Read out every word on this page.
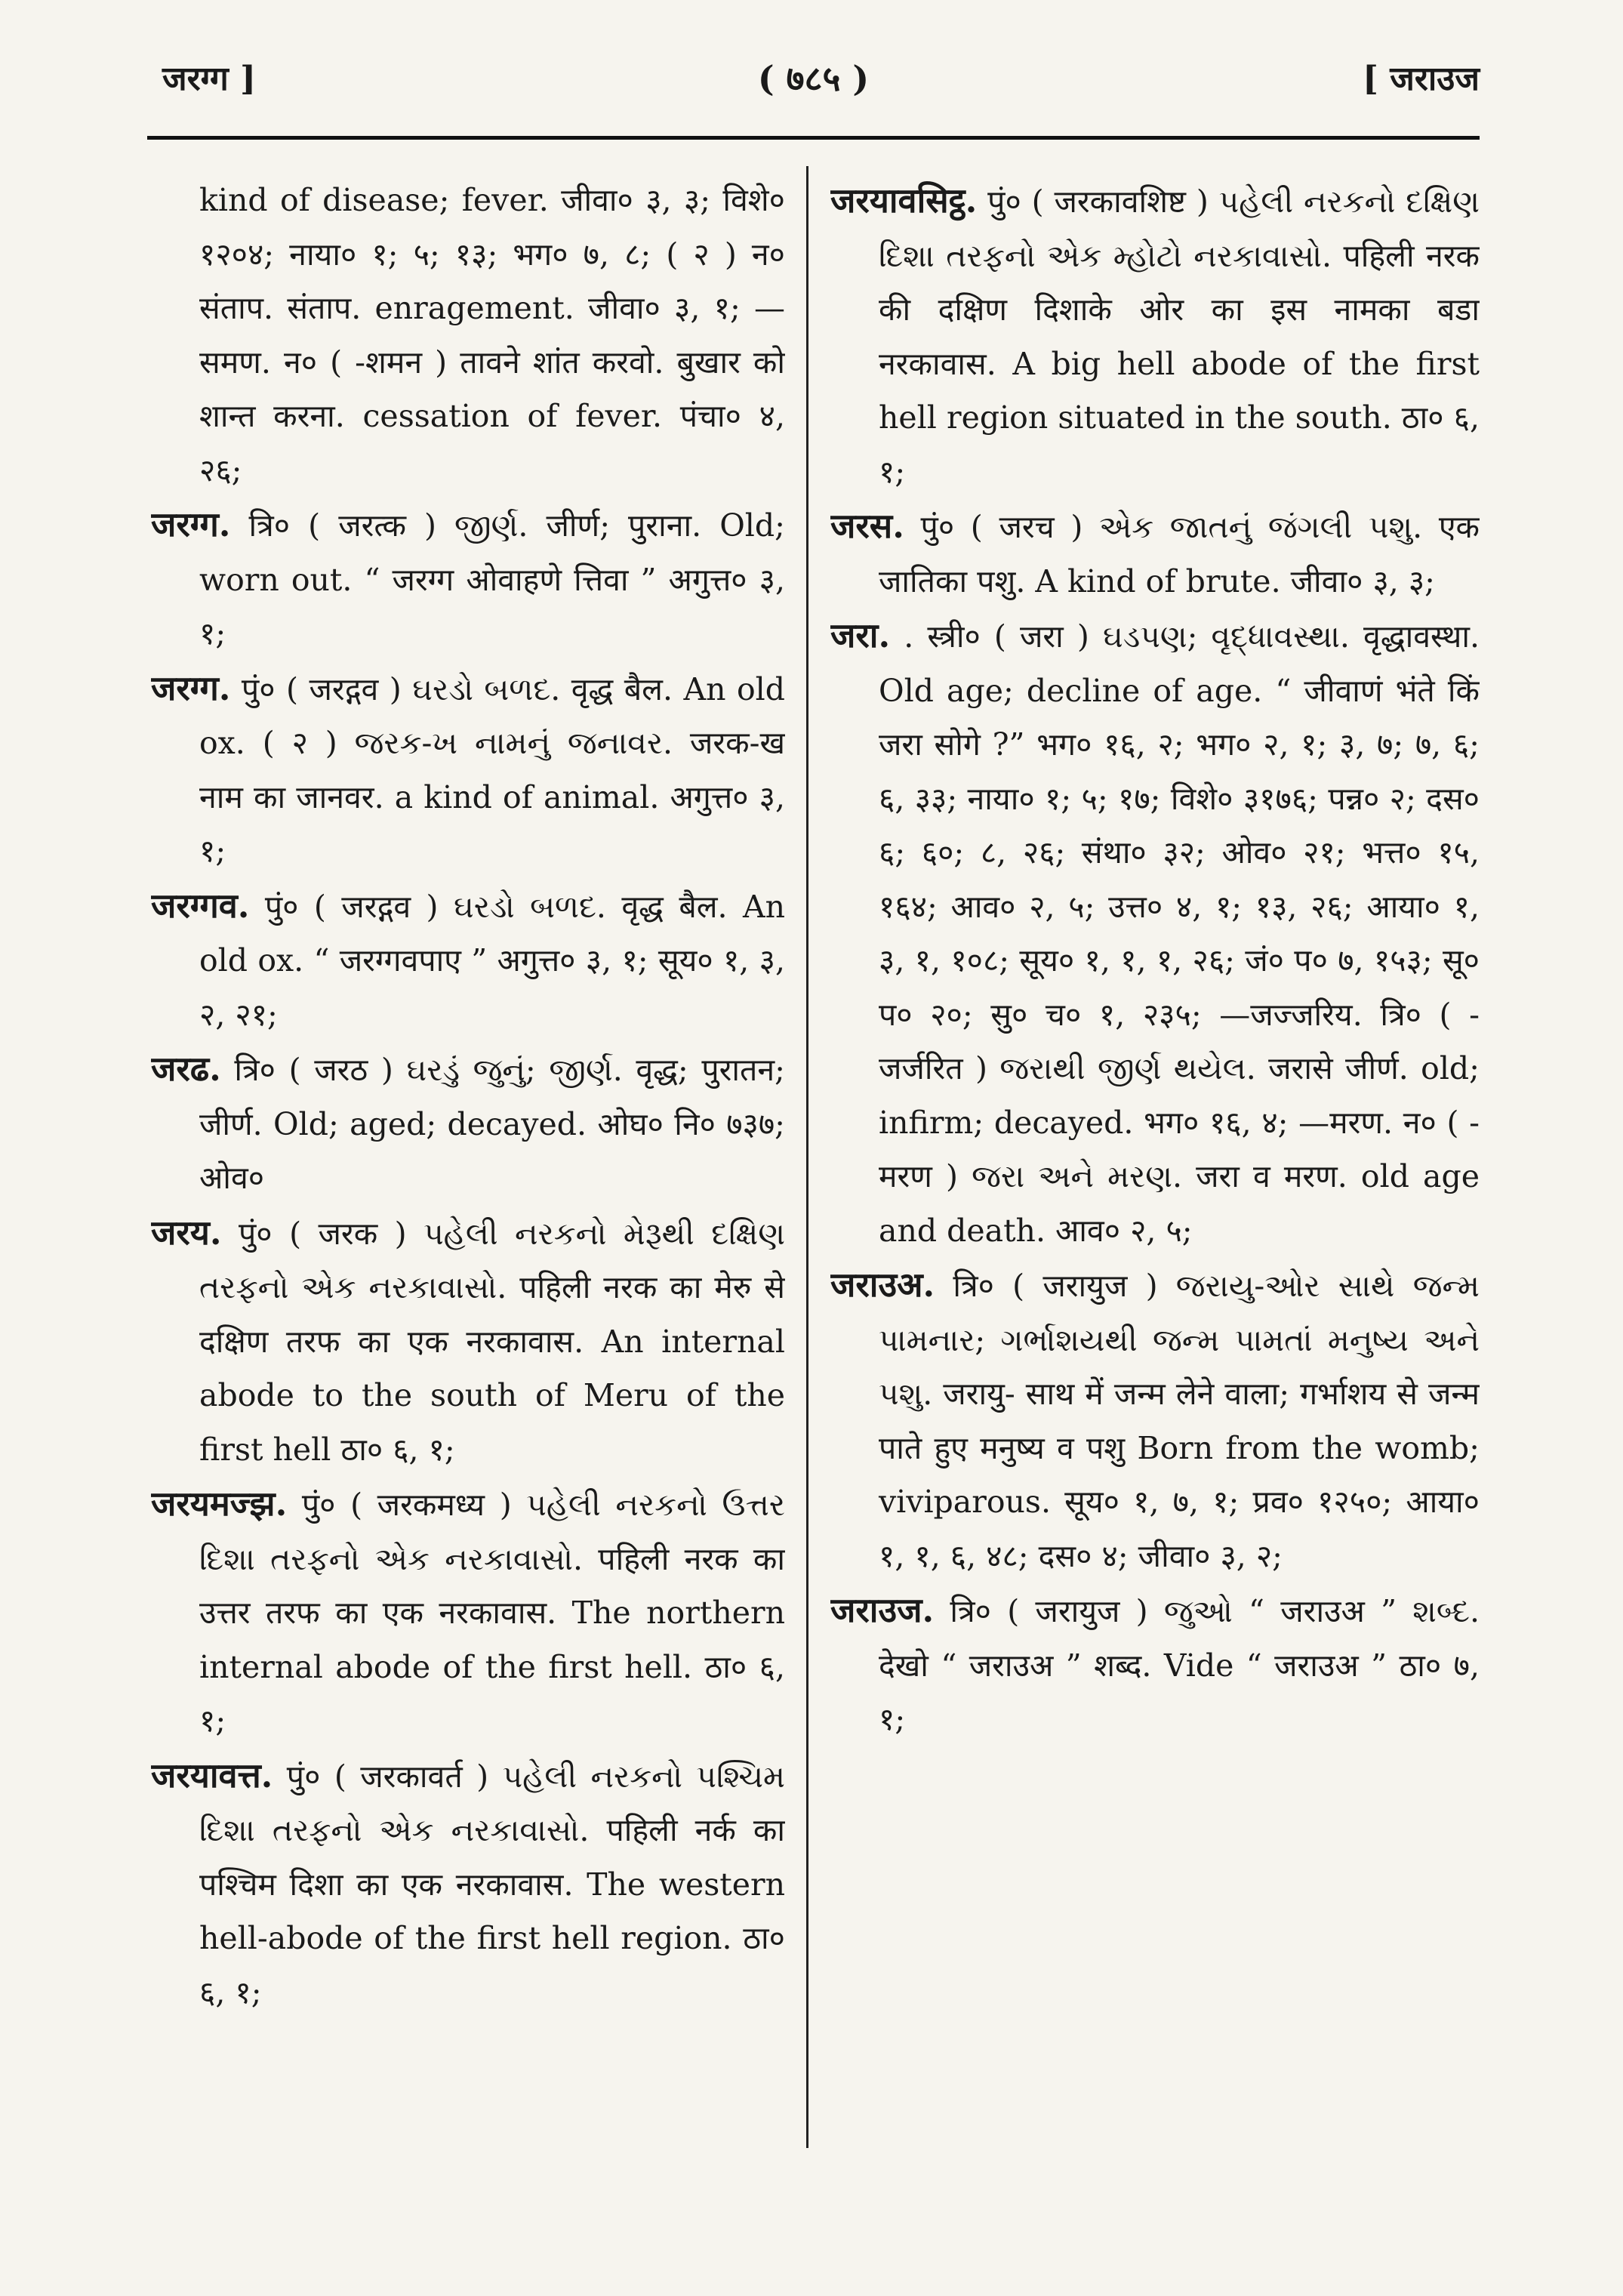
जरग्ग ]	( ७८५ )	[ जराउज

kind of disease; fever. जीवा० ३, ३; विशे० १२०४; नाया० १; ५; १३; भग० ७, ८; ( २ ) न० संताप. संताप. enragement. जीवा० ३, १; —समण. न० ( -शमन ) तावने शांत करवो. बुखार को शान्त करना. cessation of fever. पंचा० ४, २६;

जरग्ग. त्रि० ( जरत्क ) જીર્ણ. जीर्ण; पुराना. Old; worn out. “ जरग्ग ओवाहणे त्तिवा ” अगुत्त० ३, १;

जरग्ग. पुं० ( जरद्गव ) ઘરડો બળદ. वृद्ध बैल. An old ox. ( २ ) જરક-ખ નામનું જનાવર. जरक-ख नाम का जानवर. a kind of animal. अगुत्त० ३, १;

जरग्गव. पुं० ( जरद्गव ) ઘરડો બળદ. वृद्ध बैल. An old ox. “ जरग्गवपाए ” अगुत्त० ३, १; सूय० १, ३, २, २१;

जरढ. त्रि० ( जरठ ) ઘરડું જુનું; જીર્ણ. वृद्ध; पुरातन; जीर्ण. Old; aged; decayed. ओघ० नि० ७३७; ओव०

जरय. पुं० ( जरक ) પહેલી નરકનો મેરૂથી દક્ષિણ તરફનો એક નરકાવાસો. पहिली नरक का मेरु से दक्षिण तरफ का एक नरकावास. An internal abode to the south of Meru of the first hell ठा० ६, १;

जरयमज्झ. पुं० ( जरकमध्य ) પહેલી નરકનો ઉત્તર દિશા તરફનો એક નરકાવાસો. पहिली नरक का उत्तर तरफ का एक नरकावास. The northern internal abode of the first hell. ठा० ६, १;

जरयावत्त. पुं० ( जरकावर्त ) પહેલી નરકનો પશ્ચિમ દિશા તરફનો એક નરકાવાસો. पहिली नर्क का पश्चिम दिशा का एक नरकावास. The western hell-abode of the first hell region. ठा० ६, १;

जरयावसिट्ठ. पुं० ( जरकावशिष्ट ) પહેલી નરકનો દક્ષિણ દિશા તરફનો એક મ્હોટો નરકાવાસો. पहिली नरक की दक्षिण दिशाके ओर का इस नामका बडा नरकावास. A big hell abode of the first hell region situated in the south. ठा० ६, १;

जरस. पुं० ( जरच ) એક જાતનું જંગલી પશુ. एक जातिका पशु. A kind of brute. जीवा० ३, ३;

जरा. . स्त्री० ( जरा ) ઘડપણ; વૃદ્ધાવસ્થા. वृद्धावस्था. Old age; decline of age. “ जीवाणं भंते किं जरा सोगे ?” भग० १६, २; भग० २, १; ३, ७; ७, ६; ६, ३३; नाया० १; ५; १७; विशे० ३१७६; पन्न० २; दस० ६; ६०; ८, २६; संथा० ३२; ओव० २१; भत्त० १५, १६४; आव० २, ५; उत्त० ४, १; १३, २६; आया० १, ३, १, १०८; सूय० १, १, १, २६; जं० प० ७, १५३; सू० प० २०; सु० च० १, २३५; —जज्जरिय. त्रि० ( -जर्जरित ) જરાથી જીર્ણ થયેલ. जरासे जीर्ण. old; infirm; decayed. भग० १६, ४; —मरण. न० ( -मरण ) જરા અને મરણ. जरा व मरण. old age and death. आव० २, ५;

जराउअ. त्रि० ( जरायुज ) જરાયુ-ઓર સાથે જન્મ પામનાર; ગર્ભાશયથી જન્મ પામતાં મનુષ્ય અને પશુ. जरायु- साथ में जन्म लेने वाला; गर्भाशय से जन्म पाते हुए मनुष्य व पशु Born from the womb; viviparous. सूय० १, ७, १; प्रव० १२५०; आया० १, १, ६, ४८; दस० ४; जीवा० ३, २;

जराउज. त्रि० ( जरायुज ) જુઓ “ जराउअ ” શબ્દ. देखो “ जराउअ ” शब्द. Vide “ जराउअ ” ठा० ७, १;
